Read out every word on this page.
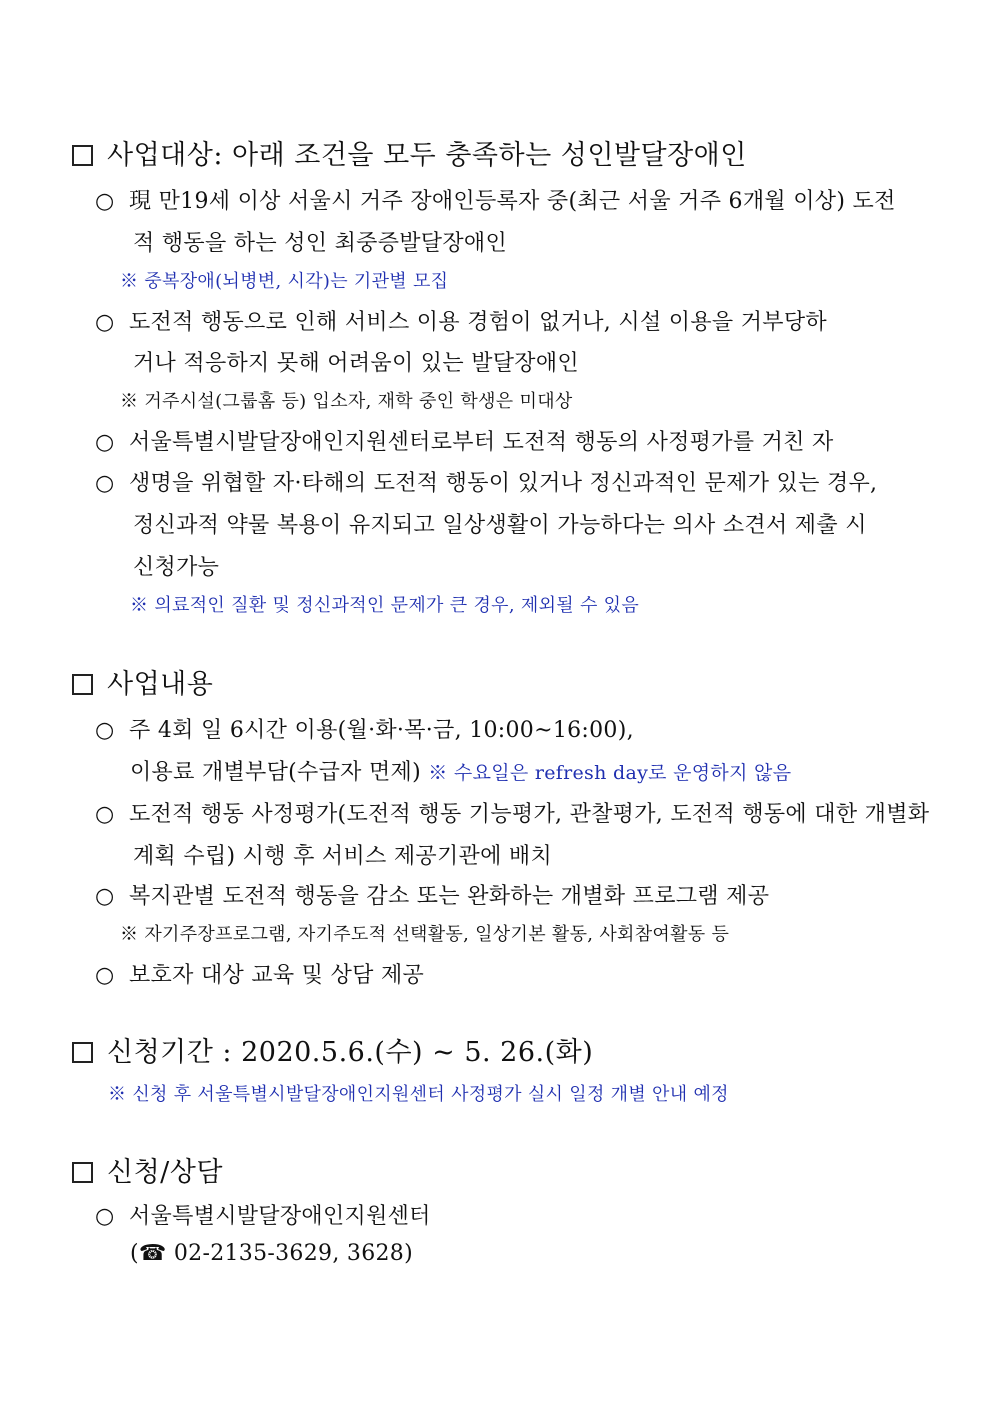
사업대상: 아래 조건을 모두 충족하는 성인발달장애인
○ 現 만19세 이상 서울시 거주 장애인등록자 중(최근 서울 거주 6개월 이상) 도전
적 행동을 하는 성인 최중증발달장애인
※ 중복장애(뇌병변, 시각)는 기관별 모집
○ 도전적 행동으로 인해 서비스 이용 경험이 없거나, 시설 이용을 거부당하
거나 적응하지 못해 어려움이 있는 발달장애인
※ 거주시설(그룹홈 등) 입소자, 재학 중인 학생은 미대상
○ 서울특별시발달장애인지원센터로부터 도전적 행동의 사정평가를 거친 자
○ 생명을 위협할 자·타해의 도전적 행동이 있거나 정신과적인 문제가 있는 경우,
정신과적 약물 복용이 유지되고 일상생활이 가능하다는 의사 소견서 제출 시
신청가능
※ 의료적인 질환 및 정신과적인 문제가 큰 경우, 제외될 수 있음
사업내용
○ 주 4회 일 6시간 이용(월·화·목·금, 10:00~16:00),
이용료 개별부담(수급자 면제) ※ 수요일은 refresh day로 운영하지 않음
○ 도전적 행동 사정평가(도전적 행동 기능평가, 관찰평가, 도전적 행동에 대한 개별화
계획 수립) 시행 후 서비스 제공기관에 배치
○ 복지관별 도전적 행동을 감소 또는 완화하는 개별화 프로그램 제공
※ 자기주장프로그램, 자기주도적 선택활동, 일상기본 활동, 사회참여활동 등
○ 보호자 대상 교육 및 상담 제공
신청기간 : 2020.5.6.(수) ~ 5. 26.(화)
※ 신청 후 서울특별시발달장애인지원센터 사정평가 실시 일정 개별 안내 예정
신청/상담
○ 서울특별시발달장애인지원센터
(☎ 02-2135-3629, 3628)
